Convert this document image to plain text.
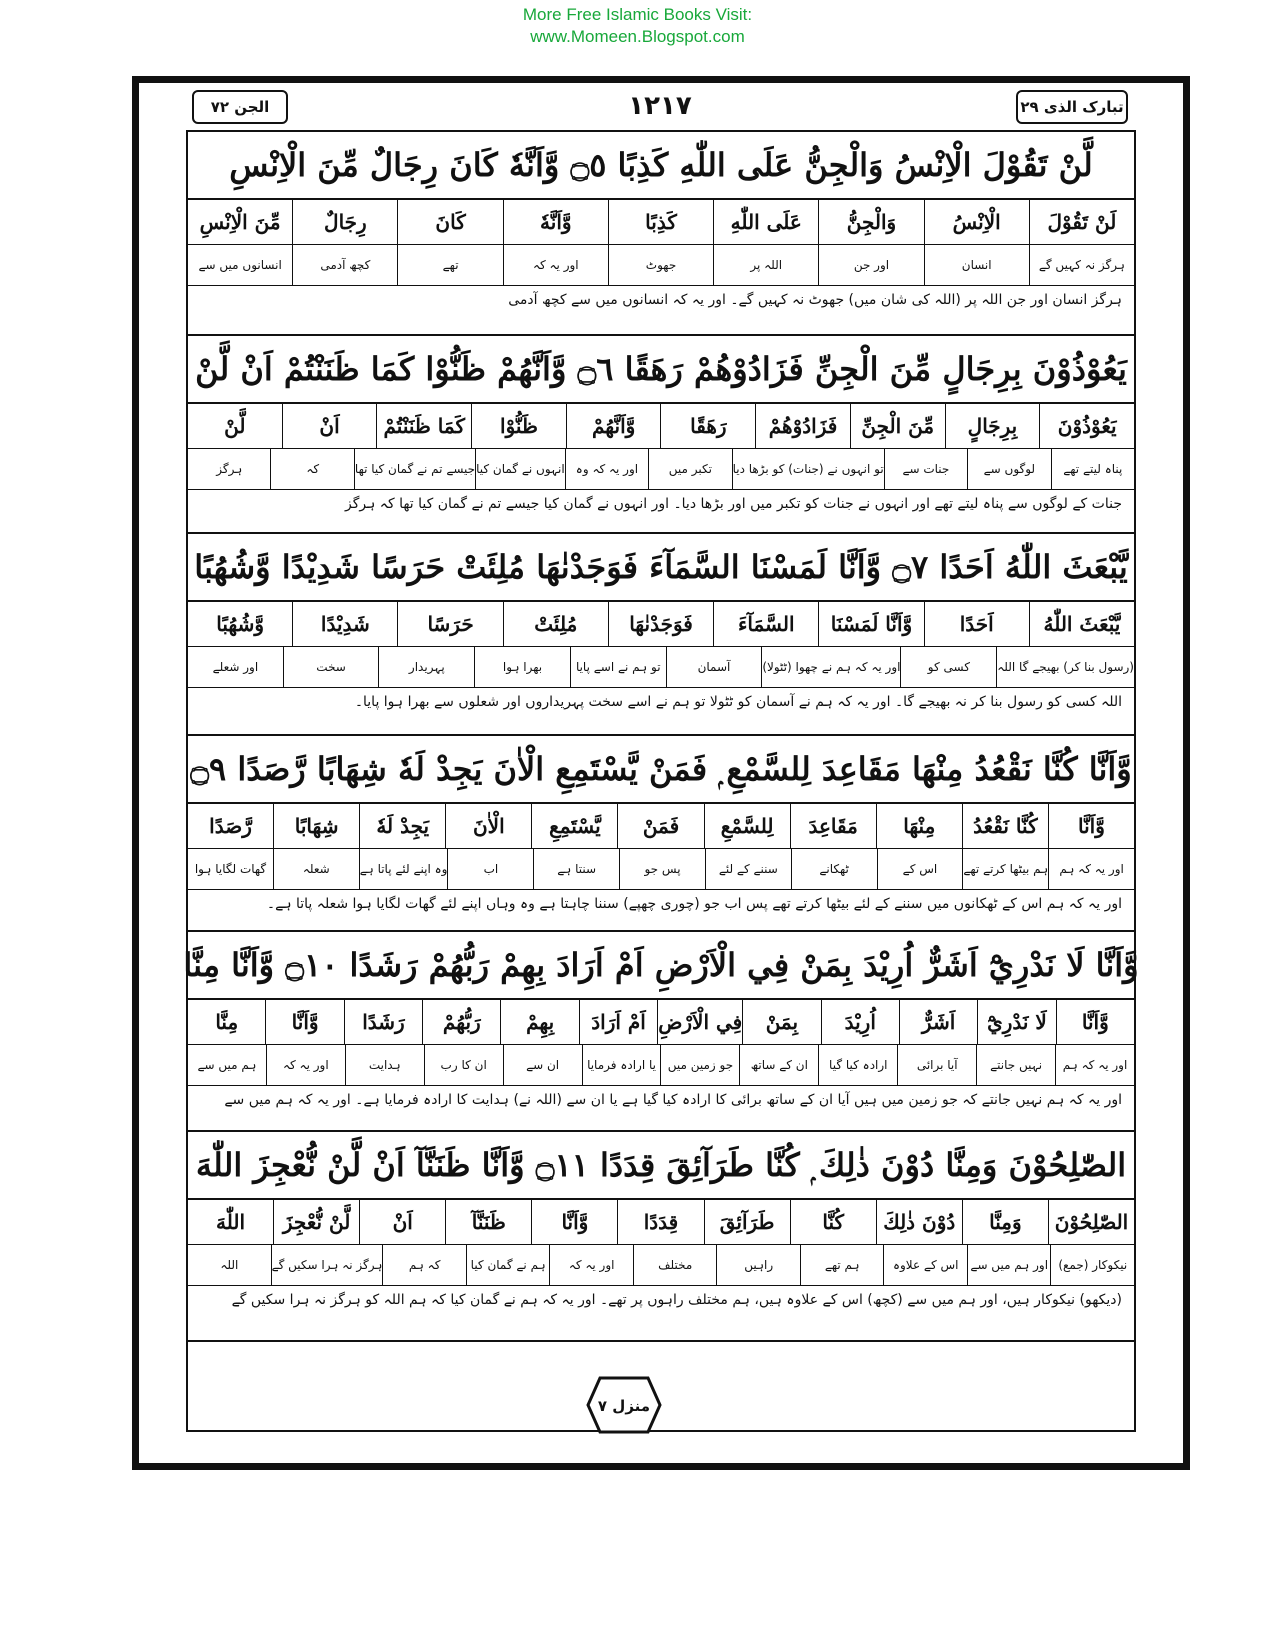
More Free Islamic Books Visit:
www.Momeen.Blogspot.com
الجن ۷۲	۱۲۱۷	تبارک الذی ۲۹
لَّنْ تَقُوْلَ الْاِنْسُ وَالْجِنُّ عَلَى اللّٰهِ كَذِبًا ۝٥ وَّاَنَّهٗ كَانَ رِجَالٌ مِّنَ الْاِنْسِ
لَنْ تَقُوْلَ
الْاِنْسُ
وَالْجِنُّ
عَلَى اللّٰهِ
كَذِبًا
وَّاَنَّهٗ
كَانَ
رِجَالٌ
مِّنَ الْاِنْسِ
ہرگز نہ کہیں گے
انسان
اور جن
اللہ پر
جھوٹ
اور یہ کہ
تھے
کچھ آدمی
انسانوں میں سے
ہرگز انسان اور جن اللہ پر (اللہ کی شان میں) جھوٹ نہ کہیں گے۔ اور یہ کہ انسانوں میں سے کچھ آدمی
يَعُوْذُوْنَ بِرِجَالٍ مِّنَ الْجِنِّ فَزَادُوْهُمْ رَهَقًا ۝٦ وَّاَنَّهُمْ ظَنُّوْا كَمَا ظَنَنْتُمْ اَنْ لَّنْ
يَعُوْذُوْنَ
بِرِجَالٍ
مِّنَ الْجِنِّ
فَزَادُوْهُمْ
رَهَقًا
وَّاَنَّهُمْ
ظَنُّوْا
كَمَا ظَنَنْتُمْ
اَنْ
لَّنْ
پناہ لیتے تھے
لوگوں سے
جنات سے
تو انہوں نے (جنات) کو بڑھا دیا
تکبر میں
اور یہ کہ وہ
انہوں نے گمان کیا
جیسے تم نے گمان کیا تھا
کہ
ہرگز
جنات کے لوگوں سے پناہ لیتے تھے اور انہوں نے جنات کو تکبر میں اور بڑھا دیا۔ اور انہوں نے گمان کیا جیسے تم نے گمان کیا تھا کہ ہرگز
يَّبْعَثَ اللّٰهُ اَحَدًا ۝٧ وَّاَنَّا لَمَسْنَا السَّمَآءَ فَوَجَدْنٰهَا مُلِئَتْ حَرَسًا شَدِيْدًا وَّشُهُبًا
يَّبْعَثَ اللّٰهُ
اَحَدًا
وَّاَنَّا لَمَسْنَا
السَّمَآءَ
فَوَجَدْنٰهَا
مُلِئَتْ
حَرَسًا
شَدِيْدًا
وَّشُهُبًا
(رسول بنا کر) بھیجے گا اللہ
کسی کو
اور یہ کہ ہم نے چھوا (ٹٹولا)
آسمان
تو ہم نے اسے پایا
بھرا ہوا
پہریدار
سخت
اور شعلے
اللہ کسی کو رسول بنا کر نہ بھیجے گا۔ اور یہ کہ ہم نے آسمان کو ٹٹولا تو ہم نے اسے سخت پہریداروں اور شعلوں سے بھرا ہوا پایا۔
وَّاَنَّا كُنَّا نَقْعُدُ مِنْهَا مَقَاعِدَ لِلسَّمْعِ ۭ فَمَنْ يَّسْتَمِعِ الْاٰنَ يَجِدْ لَهٗ شِهَابًا رَّصَدًا ۝٩
وَّاَنَّا
كُنَّا نَقْعُدُ
مِنْهَا
مَقَاعِدَ
لِلسَّمْعِ
فَمَنْ
يَّسْتَمِعِ
الْاٰنَ
يَجِدْ لَهٗ
شِهَابًا
رَّصَدًا
اور یہ کہ ہم
ہم بیٹھا کرتے تھے
اس کے
ٹھکانے
سننے کے لئے
پس جو
سنتا ہے
اب
وہ اپنے لئے پاتا ہے
شعلہ
گھات لگایا ہوا
اور یہ کہ ہم اس کے ٹھکانوں میں سننے کے لئے بیٹھا کرتے تھے پس اب جو (چوری چھپے) سننا چاہتا ہے وہ وہاں اپنے لئے گھات لگایا ہوا شعلہ پاتا ہے۔
وَّاَنَّا لَا نَدْرِيْٓ اَشَرٌّ اُرِيْدَ بِمَنْ فِي الْاَرْضِ اَمْ اَرَادَ بِهِمْ رَبُّهُمْ رَشَدًا ۝١٠ وَّاَنَّا مِنَّا
وَّاَنَّا
لَا نَدْرِيْٓ
اَشَرٌّ
اُرِيْدَ
بِمَنْ
فِي الْاَرْضِ
اَمْ اَرَادَ
بِهِمْ
رَبُّهُمْ
رَشَدًا
وَّاَنَّا
مِنَّا
اور یہ کہ ہم
نہیں جانتے
آیا برائی
ارادہ کیا گیا
ان کے ساتھ
جو زمین میں
یا ارادہ فرمایا
ان سے
ان کا رب
ہدایت
اور یہ کہ
ہم میں سے
اور یہ کہ ہم نہیں جانتے کہ جو زمین میں ہیں آیا ان کے ساتھ برائی کا ارادہ کیا گیا ہے یا ان سے (اللہ نے) ہدایت کا ارادہ فرمایا ہے۔ اور یہ کہ ہم میں سے
الصّٰلِحُوْنَ وَمِنَّا دُوْنَ ذٰلِكَ ۭ كُنَّا طَرَآئِقَ قِدَدًا ۝١١ وَّاَنَّا ظَنَنَّآ اَنْ لَّنْ نُّعْجِزَ اللّٰهَ
الصّٰلِحُوْنَ
وَمِنَّا
دُوْنَ ذٰلِكَ
كُنَّا
طَرَآئِقَ
قِدَدًا
وَّاَنَّا
ظَنَنَّآ
اَنْ
لَّنْ نُّعْجِزَ
اللّٰهَ
نیکوکار (جمع)
اور ہم میں سے
اس کے علاوہ
ہم تھے
راہیں
مختلف
اور یہ کہ
ہم نے گمان کیا
کہ ہم
ہرگز نہ ہرا سکیں گے
اللہ
(دیکھو) نیکوکار ہیں، اور ہم میں سے (کچھ) اس کے علاوہ ہیں، ہم مختلف راہوں پر تھے۔ اور یہ کہ ہم نے گمان کیا کہ ہم اللہ کو ہرگز نہ ہرا سکیں گے
منزل ۷
